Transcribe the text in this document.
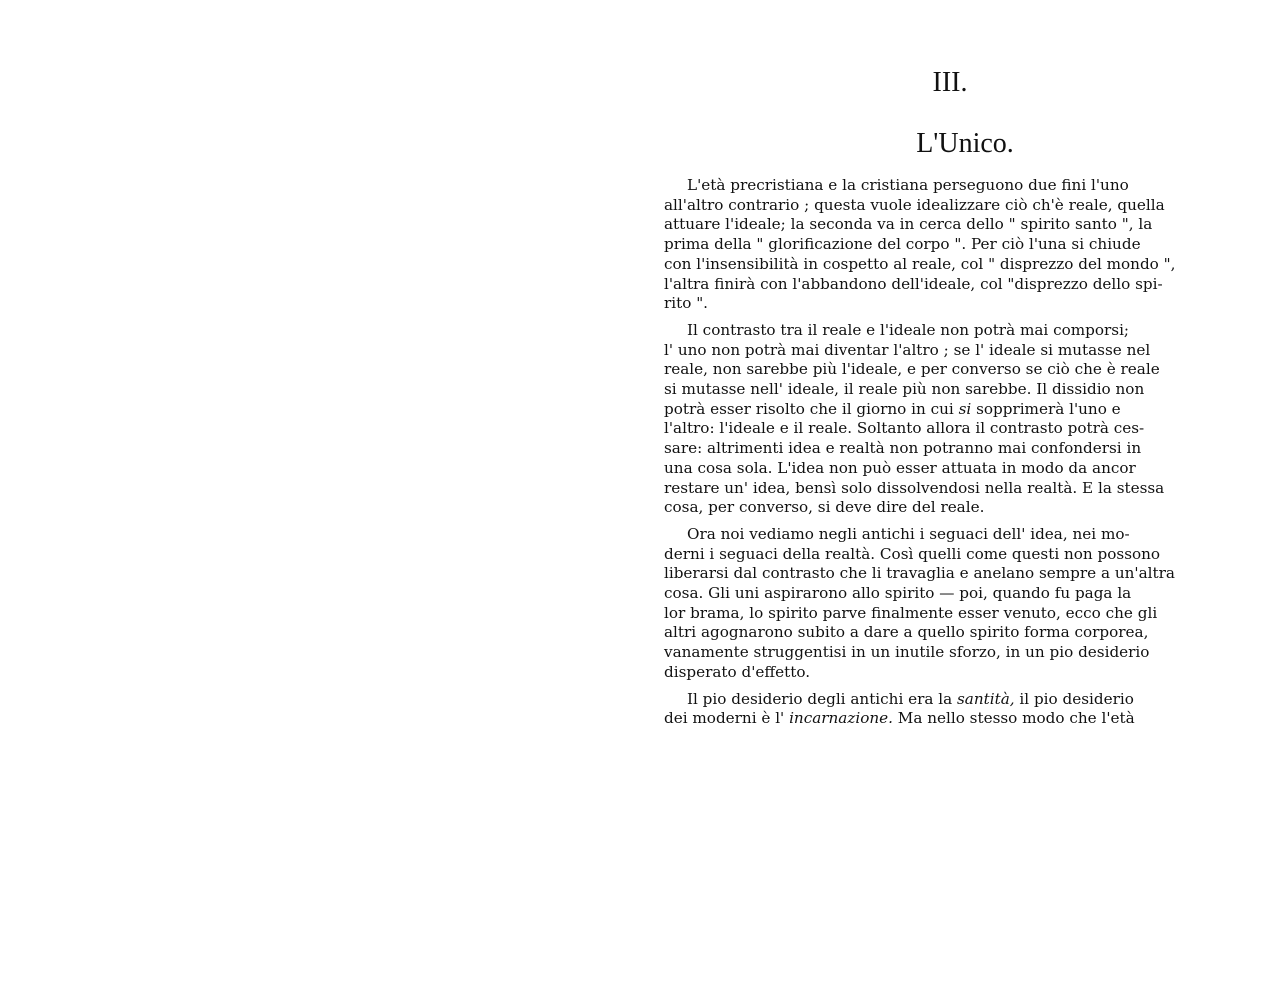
III.
L'Unico.
L'età precristiana e la cristiana perseguono due fini l'uno
all'altro contrario ; questa vuole idealizzare ciò ch'è reale, quella
attuare l'ideale; la seconda va in cerca dello " spirito santo ", la
prima della " glorificazione del corpo ". Per ciò l'una si chiude
con l'insensibilità in cospetto al reale, col " disprezzo del mondo ",
l'altra finirà con l'abbandono dell'ideale, col "disprezzo dello spi-
rito ".
Il contrasto tra il reale e l'ideale non potrà mai comporsi;
l' uno non potrà mai diventar l'altro ; se l' ideale si mutasse nel
reale, non sarebbe più l'ideale, e per converso se ciò che è reale
si mutasse nell' ideale, il reale più non sarebbe. Il dissidio non
potrà esser risolto che il giorno in cui si sopprimerà l'uno e
l'altro: l'ideale e il reale. Soltanto allora il contrasto potrà ces-
sare: altrimenti idea e realtà non potranno mai confondersi in
una cosa sola. L'idea non può esser attuata in modo da ancor
restare un' idea, bensì solo dissolvendosi nella realtà. E la stessa
cosa, per converso, si deve dire del reale.
Ora noi vediamo negli antichi i seguaci dell' idea, nei mo-
derni i seguaci della realtà. Così quelli come questi non possono
liberarsi dal contrasto che li travaglia e anelano sempre a un'altra
cosa. Gli uni aspirarono allo spirito — poi, quando fu paga la
lor brama, lo spirito parve finalmente esser venuto, ecco che gli
altri agognarono subito a dare a quello spirito forma corporea,
vanamente struggentisi in un inutile sforzo, in un pio desiderio
disperato d'effetto.
Il pio desiderio degli antichi era la santità, il pio desiderio
dei moderni è l' incarnazione. Ma nello stesso modo che l'età
